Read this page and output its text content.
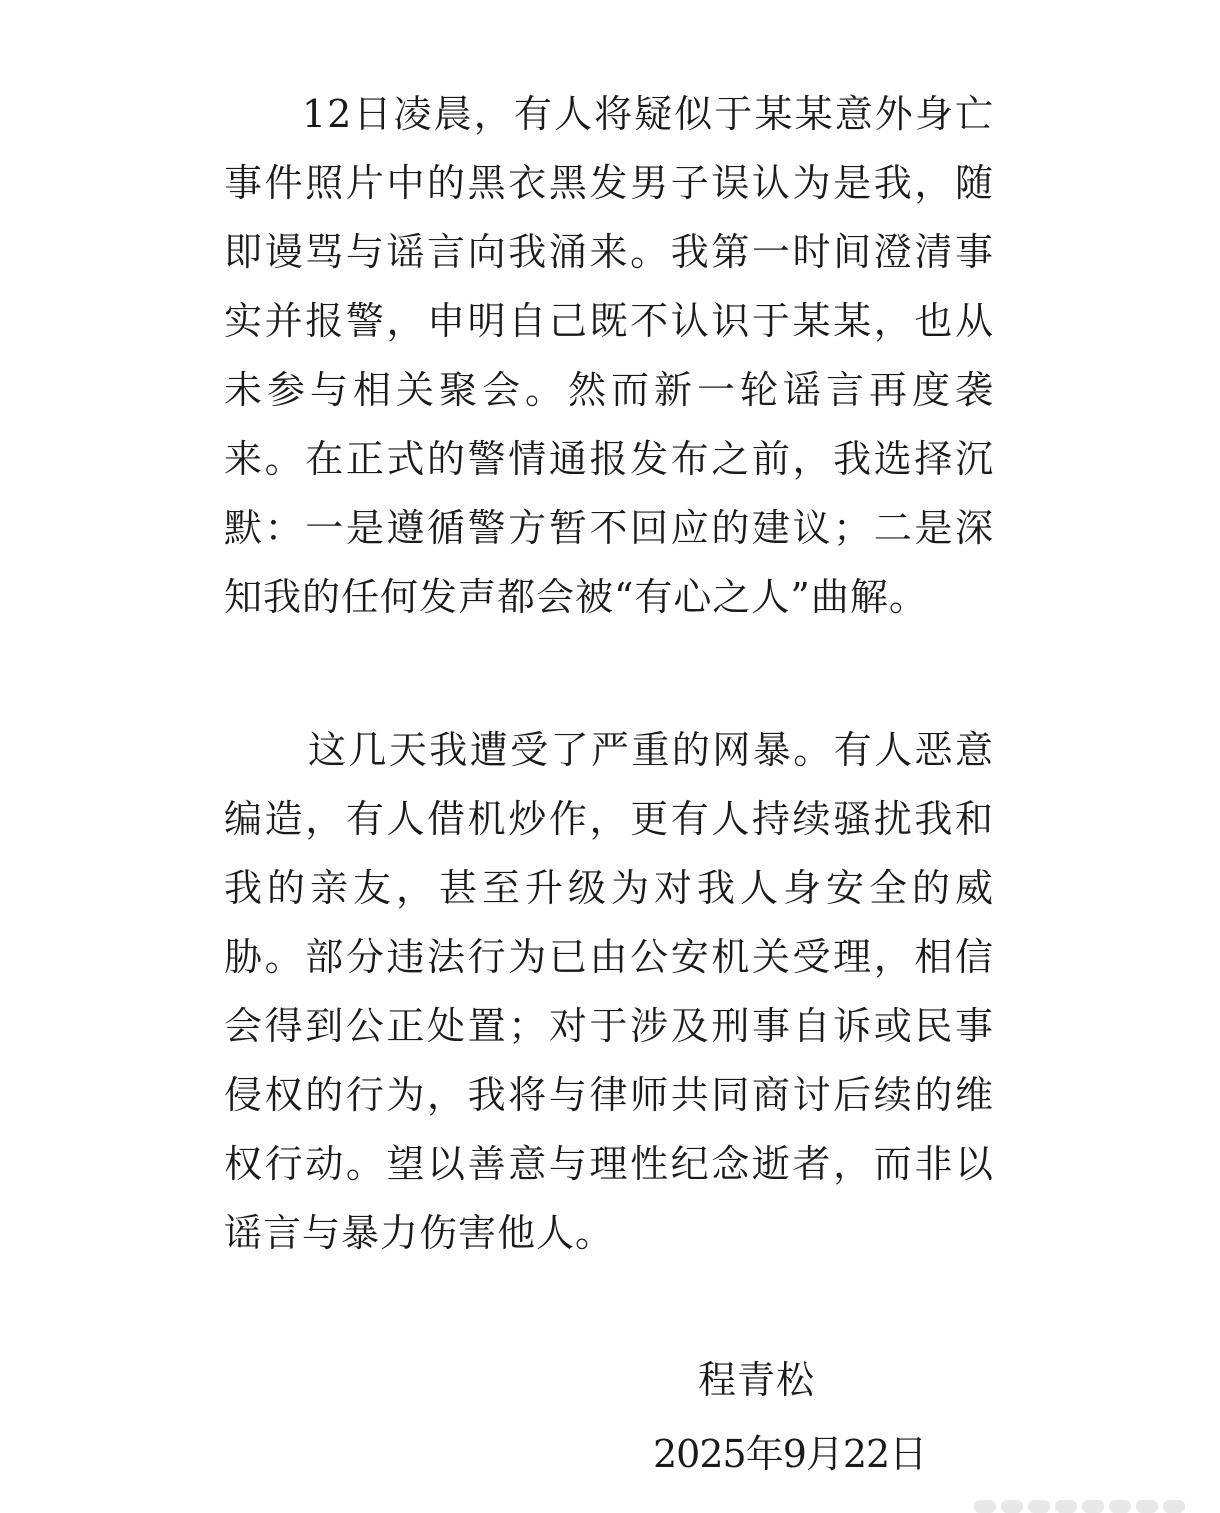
12日凌晨，有人将疑似于某某意外身亡事件照片中的黑衣黑发男子误认为是我，随即谩骂与谣言向我涌来。我第一时间澄清事实并报警，申明自己既不认识于某某，也从未参与相关聚会。然而新一轮谣言再度袭来。在正式的警情通报发布之前，我选择沉默：一是遵循警方暂不回应的建议；二是深知我的任何发声都会被“有心之人”曲解。

这几天我遭受了严重的网暴。有人恶意编造，有人借机炒作，更有人持续骚扰我和我的亲友，甚至升级为对我人身安全的威胁。部分违法行为已由公安机关受理，相信会得到公正处置；对于涉及刑事自诉或民事侵权的行为，我将与律师共同商讨后续的维权行动。望以善意与理性纪念逝者，而非以谣言与暴力伤害他人。

程青松
2025年9月22日
